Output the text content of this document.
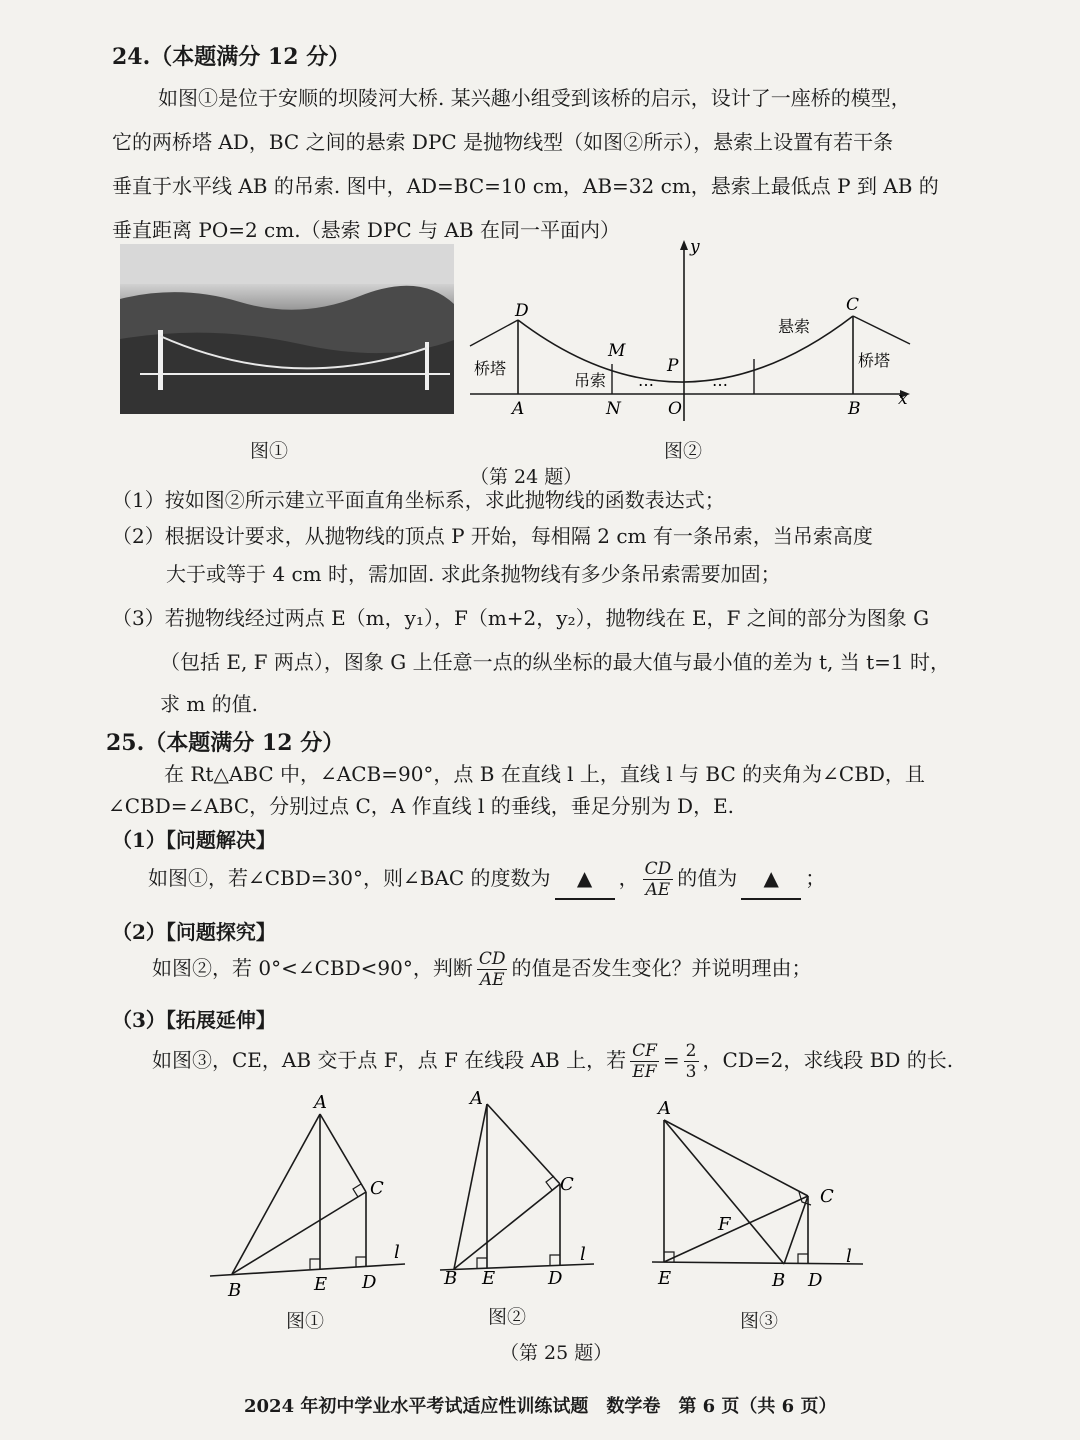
24.（本题满分 12 分）
如图①是位于安顺的坝陵河大桥. 某兴趣小组受到该桥的启示，设计了一座桥的模型，
它的两桥塔 AD，BC 之间的悬索 DPC 是抛物线型（如图②所示），悬索上设置有若干条
垂直于水平线 AB 的吊索. 图中，AD=BC=10 cm，AB=32 cm，悬索上最低点 P 到 AB 的
垂直距离 PO=2 cm.（悬索 DPC 与 AB 在同一平面内）
D	C
M
P
A	N	O	B x
y
桥塔	桥塔
吊索
悬索
…	…
图①	图②
（第 24 题）
（1）按如图②所示建立平面直角坐标系，求此抛物线的函数表达式；
（2）根据设计要求，从抛物线的顶点 P 开始，每相隔 2 cm 有一条吊索，当吊索高度
大于或等于 4 cm 时，需加固. 求此条抛物线有多少条吊索需要加固；
（3）若抛物线经过两点 E（m，y₁），F（m+2，y₂），抛物线在 E，F 之间的部分为图象 G
（包括 E, F 两点），图象 G 上任意一点的纵坐标的最大值与最小值的差为 t, 当 t=1 时，
求 m 的值.
25.（本题满分 12 分）
在 Rt△ABC 中，∠ACB=90°，点 B 在直线 l 上，直线 l 与 BC 的夹角为∠CBD，且
∠CBD=∠ABC，分别过点 C，A 作直线 l 的垂线，垂足分别为 D，E.
（1）【问题解决】
如图①，若∠CBD=30°，则∠BAC 的度数为 ▲ ， $\frac{CD}{AE}$ 的值为 ▲ ；
（2）【问题探究】
如图②，若 0°<∠CBD<90°，判断 $\frac{CD}{AE}$ 的值是否发生变化？并说明理由；
（3）【拓展延伸】
如图③，CE，AB 交于点 F，点 F 在线段 AB 上，若 $\frac{CF}{EF} = \frac{2}{3}$ ，CD=2，求线段 BD 的长.
A
C
B	E D
l
A
C
B E	D
l
A
C
F
E	B D
l
图①	图②	图③
（第 25 题）
2024 年初中学业水平考试适应性训练试题　数学卷　第 6 页（共 6 页）
